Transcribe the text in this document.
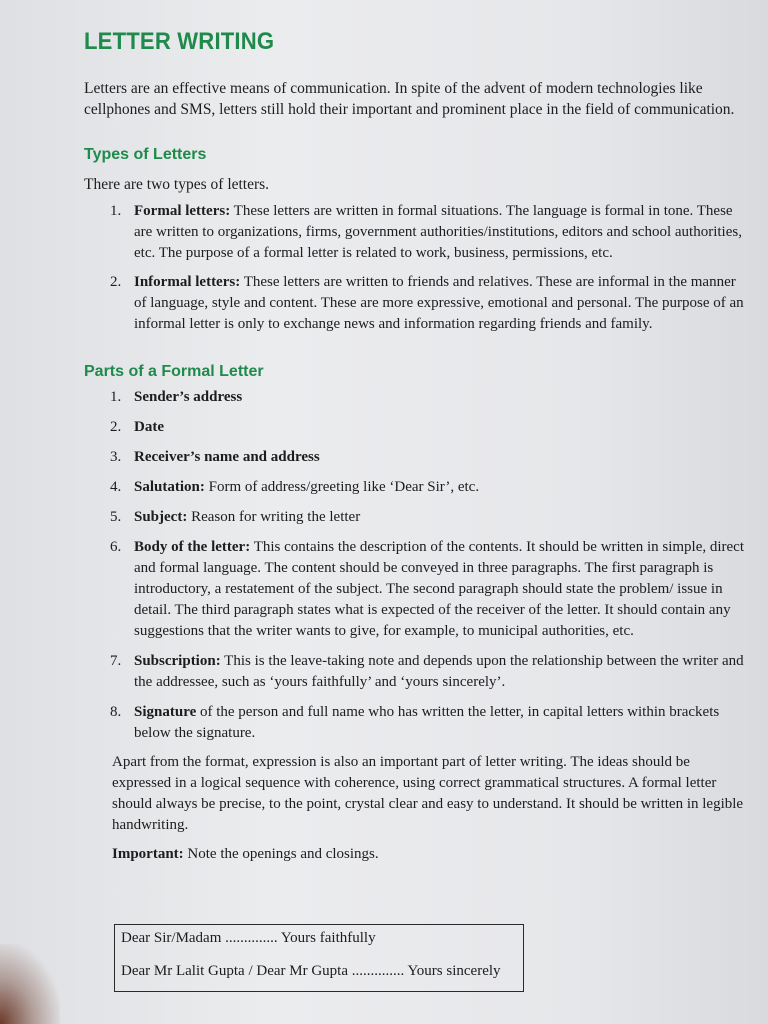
LETTER WRITING

Letters are an effective means of communication. In spite of the advent of modern technologies like cellphones and SMS, letters still hold their important and prominent place in the field of communication.

Types of Letters

There are two types of letters.

1. Formal letters: These letters are written in formal situations. The language is formal in tone. These are written to organizations, firms, government authorities/institutions, editors and school authorities, etc. The purpose of a formal letter is related to work, business, permissions, etc.
2. Informal letters: These letters are written to friends and relatives. These are informal in the manner of language, style and content. These are more expressive, emotional and personal. The purpose of an informal letter is only to exchange news and information regarding friends and family.
Parts of a Formal Letter
1. Sender’s address
2. Date
3. Receiver’s name and address
4. Salutation: Form of address/greeting like ‘Dear Sir’, etc.
5. Subject: Reason for writing the letter
6. Body of the letter: This contains the description of the contents. It should be written in simple, direct and formal language. The content should be conveyed in three paragraphs. The first paragraph is introductory, a restatement of the subject. The second paragraph should state the problem/ issue in detail. The third paragraph states what is expected of the receiver of the letter. It should contain any suggestions that the writer wants to give, for example, to municipal authorities, etc.
7. Subscription: This is the leave-taking note and depends upon the relationship between the writer and the addressee, such as ‘yours faithfully’ and ‘yours sincerely’.
8. Signature of the person and full name who has written the letter, in capital letters within brackets below the signature.

Apart from the format, expression is also an important part of letter writing. The ideas should be expressed in a logical sequence with coherence, using correct grammatical structures. A formal letter should always be precise, to the point, crystal clear and easy to understand. It should be written in legible handwriting.

Important: Note the openings and closings.

Dear Sir/Madam .............. Yours faithfully
Dear Mr Lalit Gupta / Dear Mr Gupta .............. Yours sincerely
